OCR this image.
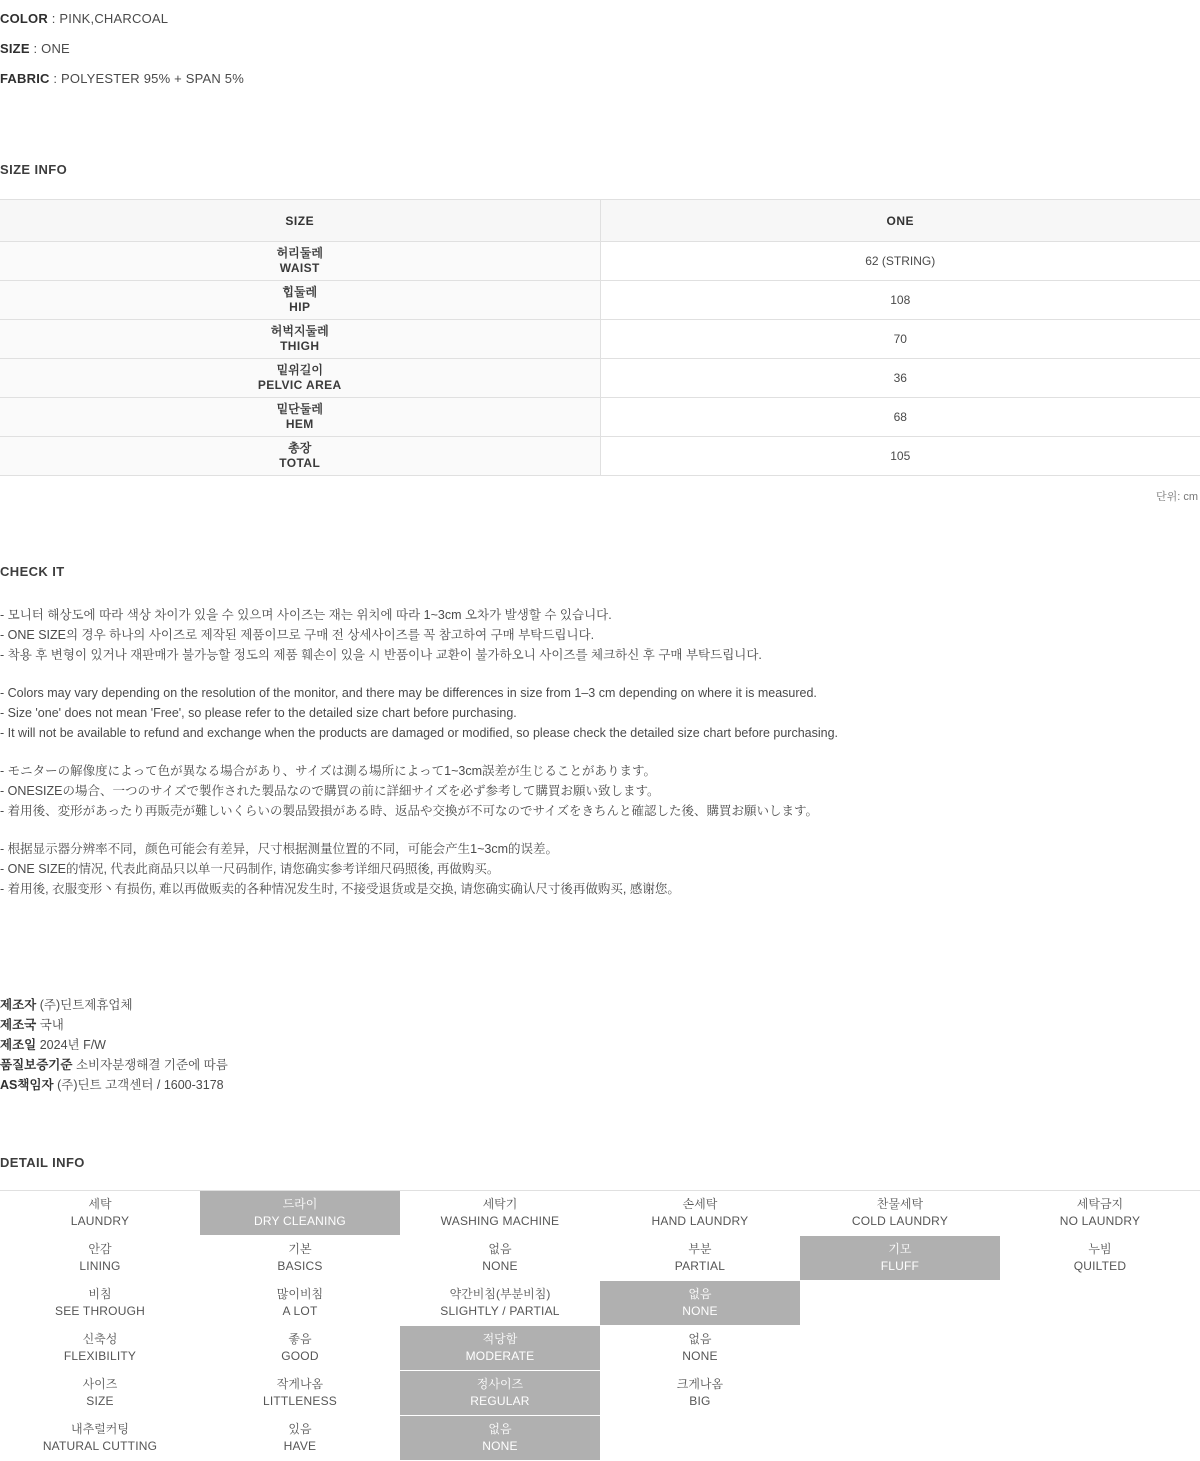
COLOR : PINK,CHARCOAL
SIZE : ONE
FABRIC : POLYESTER 95% + SPAN 5%
SIZE INFO
SIZE	ONE

허리둘레
WAIST	62 (STRING)

힙둘레
HIP	108

허벅지둘레
THIGH	70

밑위길이
PELVIC AREA	36

밑단둘레
HEM	68

총장
TOTAL	105
단위: cm
CHECK IT
- 모니터 해상도에 따라 색상 차이가 있을 수 있으며 사이즈는 재는 위치에 따라 1~3cm 오차가 발생할 수 있습니다.
- ONE SIZE의 경우 하나의 사이즈로 제작된 제품이므로 구매 전 상세사이즈를 꼭 참고하여 구매 부탁드립니다.
- 착용 후 변형이 있거나 재판매가 불가능할 정도의 제품 훼손이 있을 시 반품이나 교환이 불가하오니 사이즈를 체크하신 후 구매 부탁드립니다.
- Colors may vary depending on the resolution of the monitor, and there may be differences in size from 1–3 cm depending on where it is measured.
- Size 'one' does not mean 'Free', so please refer to the detailed size chart before purchasing.
- It will not be available to refund and exchange when the products are damaged or modified, so please check the detailed size chart before purchasing.
- モニターの解像度によって色が異なる場合があり、サイズは測る場所によって1~3cm誤差が生じることがあります。
- ONESIZEの場合、一つのサイズで製作された製品なので購買の前に詳細サイズを必ず参考して購買お願い致します。
- 着用後、変形があったり再販売が難しいくらいの製品毀損がある時、返品や交換が不可なのでサイズをきちんと確認した後、購買お願いします。
- 根据显示器分辨率不同，颜色可能会有差异，尺寸根据测量位置的不同，可能会产生1~3cm的误差。
- ONE SIZE的情况, 代表此商品只以单一尺码制作, 请您确实参考详细尺码照後, 再做购买。
- 着用後, 衣服变形丶有损伤, 难以再做贩卖的各种情况发生时, 不接受退货或是交换, 请您确实确认尺寸後再做购买, 感谢您。
제조자 (주)딘트제휴업체
제조국 국내
제조일 2024년 F/W
품질보증기준 소비자분쟁해결 기준에 따름
AS책임자 (주)딘트 고객센터 / 1600-3178
DETAIL INFO
세탁
LAUNDRY	드라이
DRY CLEANING	세탁기
WASHING MACHINE	손세탁
HAND LAUNDRY	찬물세탁
COLD LAUNDRY	세탁금지
NO LAUNDRY

안감
LINING	기본
BASICS	없음
NONE	부분
PARTIAL	기모
FLUFF	누빔
QUILTED

비침
SEE THROUGH	많이비침
A LOT	약간비침(부분비침)
SLIGHTLY / PARTIAL	없음
NONE		

신축성
FLEXIBILITY	좋음
GOOD	적당함
MODERATE	없음
NONE		

사이즈
SIZE	작게나옴
LITTLENESS	정사이즈
REGULAR	크게나옴
BIG		

내추럴커팅
NATURAL CUTTING	있음
HAVE	없음
NONE			
